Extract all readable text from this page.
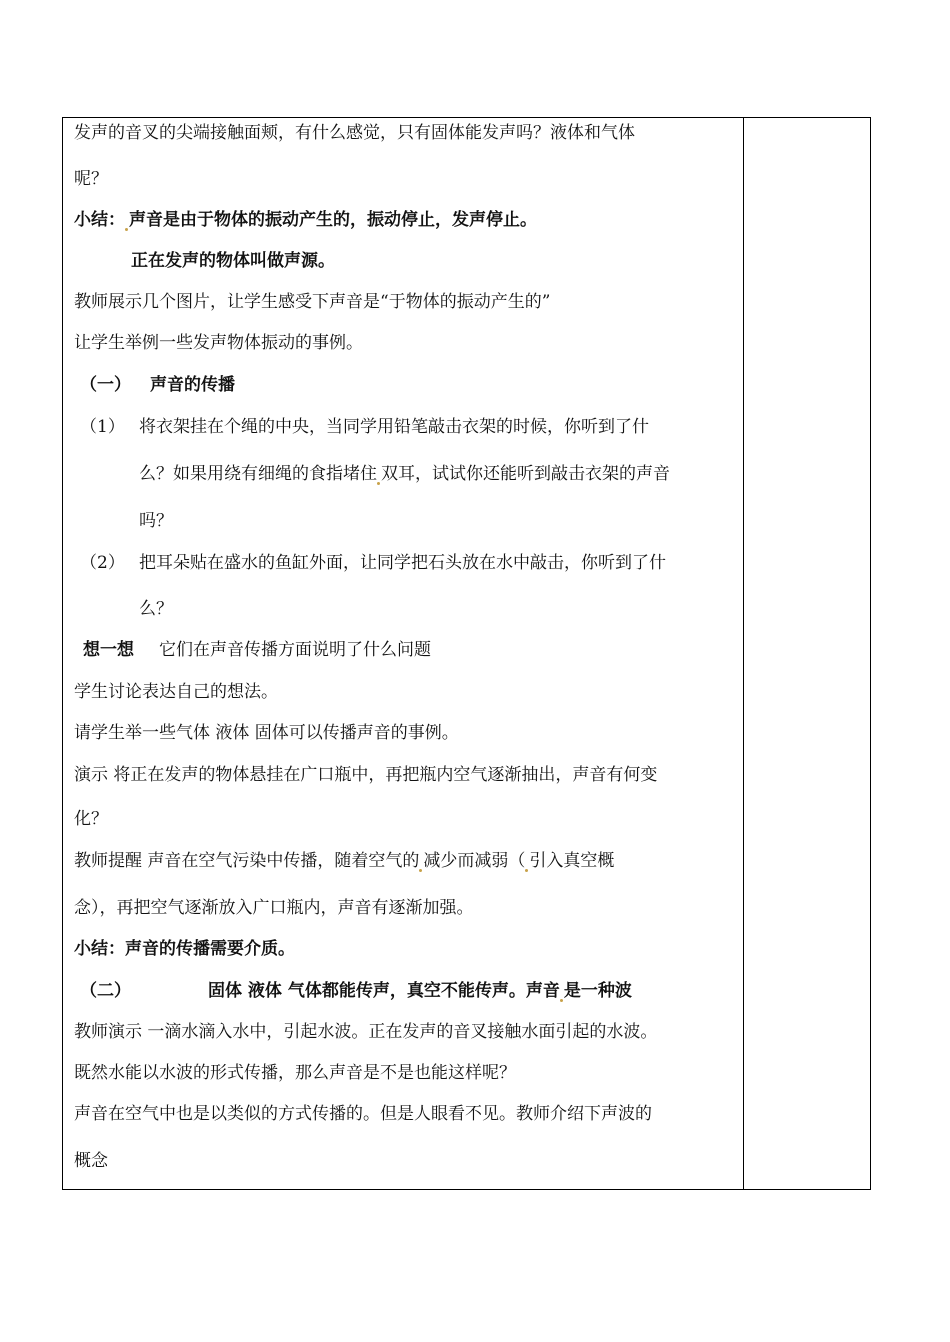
发声的音叉的尖端接触面颊，有什么感觉，只有固体能发声吗？液体和气体
呢？
小结： 声音是由于物体的振动产生的，振动停止，发声停止。
正在发声的物体叫做声源。
教师展示几个图片，让学生感受下声音是“于物体的振动产生的”
让学生举例一些发声物体振动的事例。
（一） 声音的传播
（1） 将衣架挂在个绳的中央，当同学用铅笔敲击衣架的时候，你听到了什
么？如果用绕有细绳的食指堵住 双耳，试试你还能听到敲击衣架的声音
吗？
（2） 把耳朵贴在盛水的鱼缸外面，让同学把石头放在水中敲击，你听到了什
么？
想一想 它们在声音传播方面说明了什么问题
学生讨论表达自己的想法。
请学生举一些气体 液体 固体可以传播声音的事例。
演示 将正在发声的物体悬挂在广口瓶中，再把瓶内空气逐渐抽出，声音有何变
化？
教师提醒 声音在空气污染中传播，随着空气的 减少而减弱（ 引入真空概
念），再把空气逐渐放入广口瓶内，声音有逐渐加强。
小结：声音的传播需要介质。
（二）	固体 液体 气体都能传声，真空不能传声。声音 是一种波
教师演示 一滴水滴入水中，引起水波。正在发声的音叉接触水面引起的水波。
既然水能以水波的形式传播，那么声音是不是也能这样呢？
声音在空气中也是以类似的方式传播的。但是人眼看不见。教师介绍下声波的
概念
